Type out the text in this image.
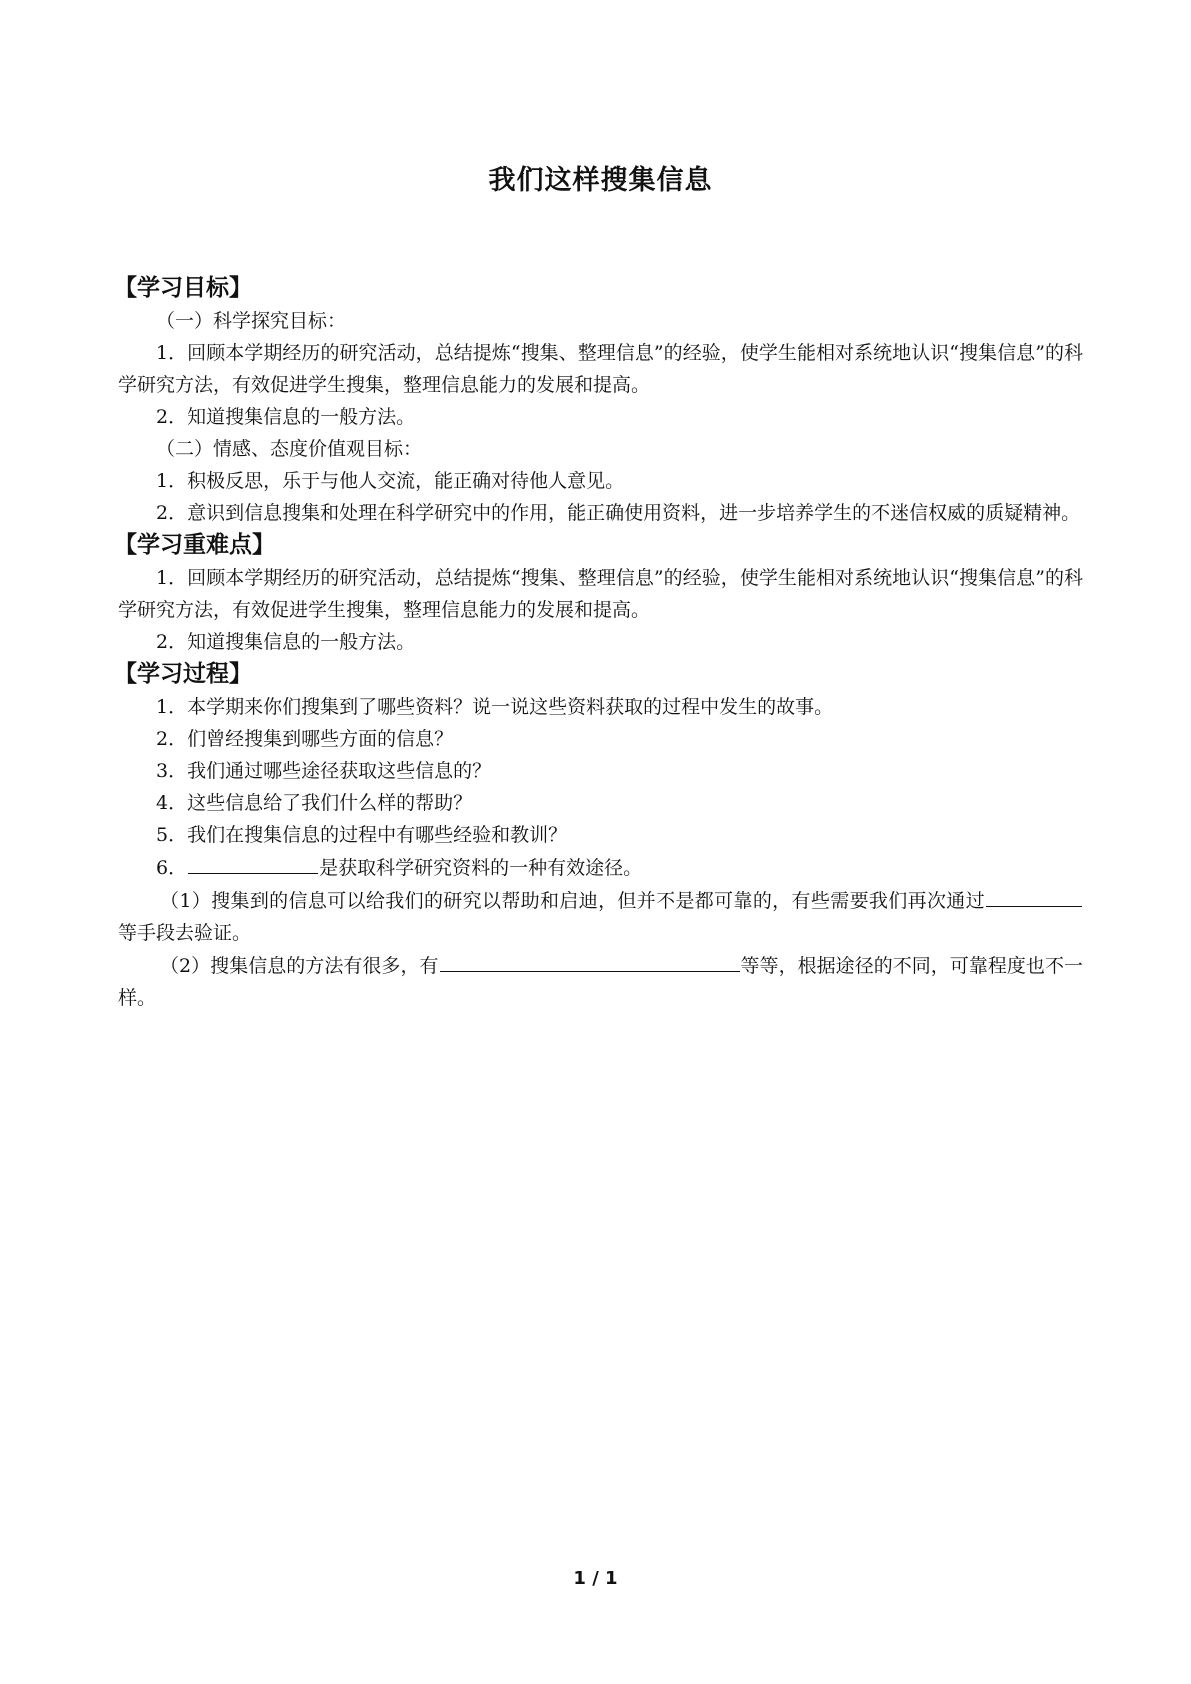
我们这样搜集信息
【学习目标】

（一）科学探究目标：

1．回顾本学期经历的研究活动，总结提炼“搜集、整理信息”的经验，使学生能相对系统地认识“搜集信息”的科学研究方法，有效促进学生搜集，整理信息能力的发展和提高。

2．知道搜集信息的一般方法。

（二）情感、态度价值观目标：

1．积极反思，乐于与他人交流，能正确对待他人意见。

2．意识到信息搜集和处理在科学研究中的作用，能正确使用资料，进一步培养学生的不迷信权威的质疑精神。

【学习重难点】

1．回顾本学期经历的研究活动，总结提炼“搜集、整理信息”的经验，使学生能相对系统地认识“搜集信息”的科学研究方法，有效促进学生搜集，整理信息能力的发展和提高。

2．知道搜集信息的一般方法。

【学习过程】

1．本学期来你们搜集到了哪些资料？说一说这些资料获取的过程中发生的故事。

2．们曾经搜集到哪些方面的信息？

3．我们通过哪些途径获取这些信息的？

4．这些信息给了我们什么样的帮助？

5．我们在搜集信息的过程中有哪些经验和教训？

6．	是获取科学研究资料的一种有效途径。

（1）搜集到的信息可以给我们的研究以帮助和启迪，但并不是都可靠的，有些需要我们再次通过等手段去验证。

（2）搜集信息的方法有很多，有	等等，根据途径的不同，可靠程度也不一样。

1 / 1
